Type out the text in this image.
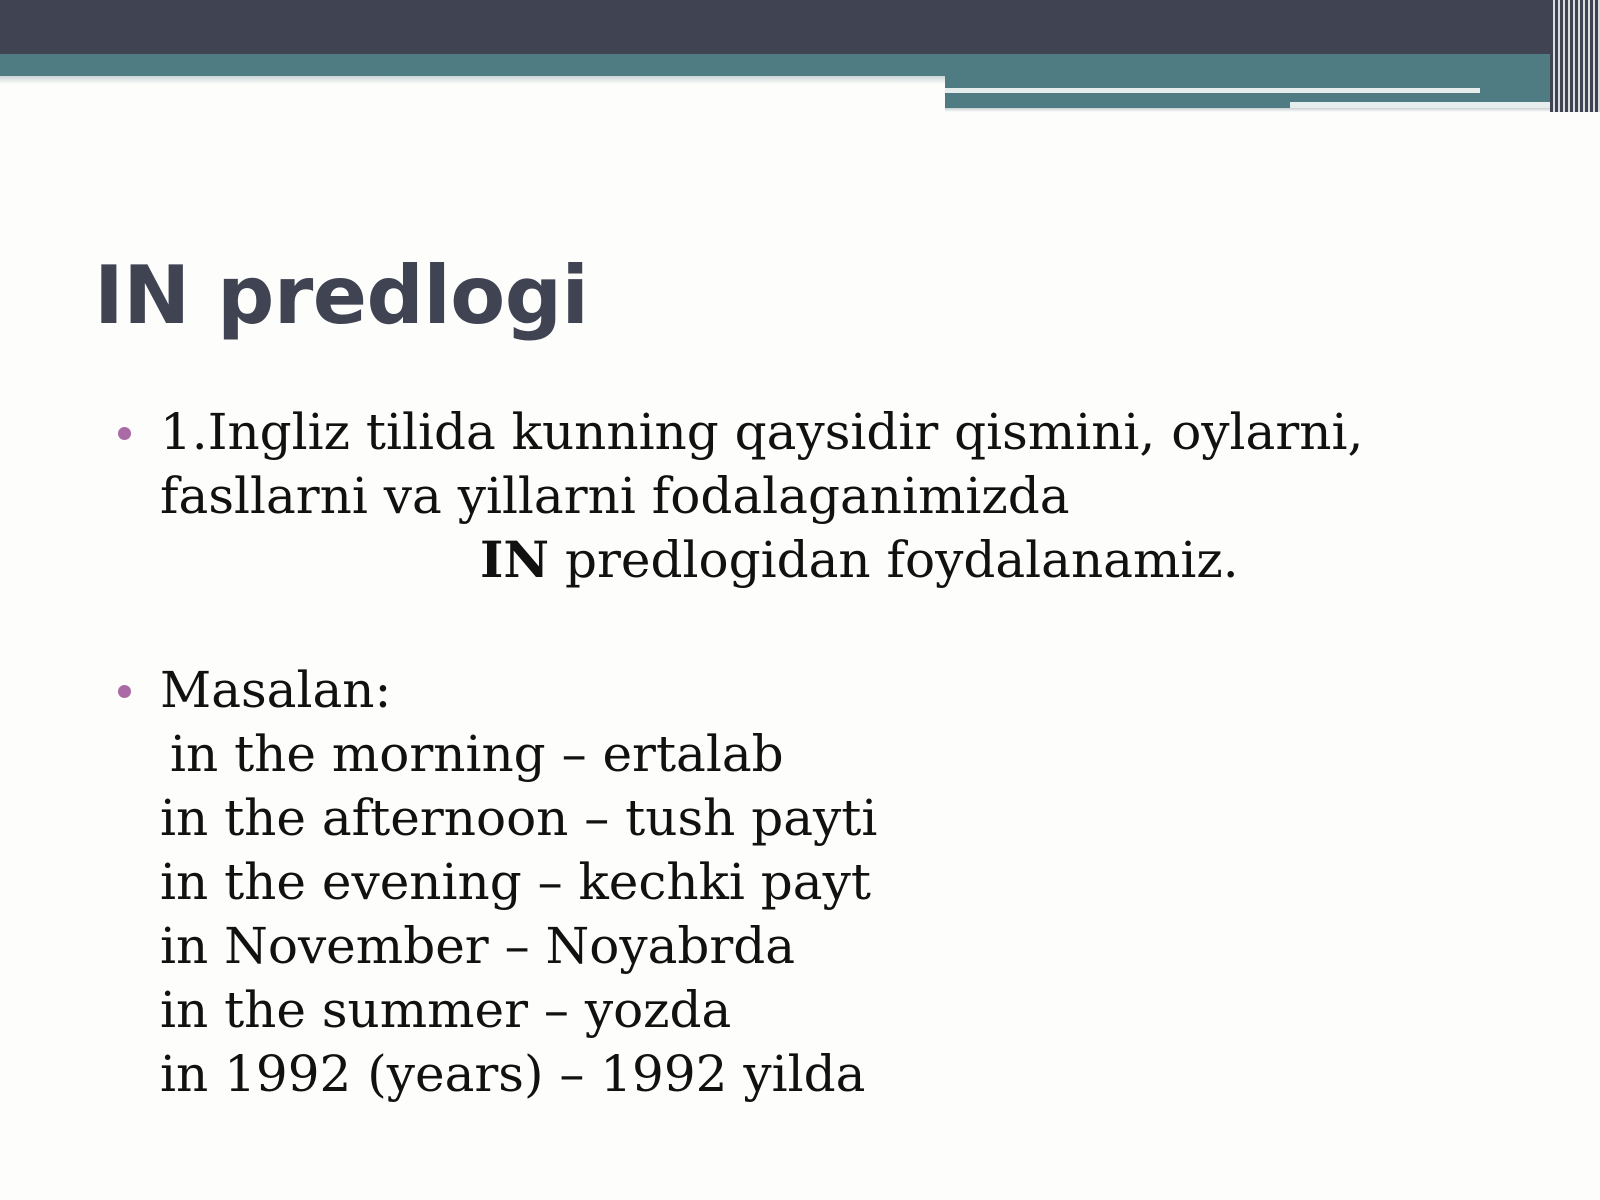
IN predlogi
1.Ingliz tilida kunning qaysidir qismini, oylarni,
fasllarni va yillarni fodalaganimizda
IN predlogidan foydalanamiz.
Masalan:
in the morning – ertalab
in the afternoon – tush payti
in the evening – kechki payt
in November – Noyabrda
in the summer – yozda
in 1992 (years) – 1992 yilda
